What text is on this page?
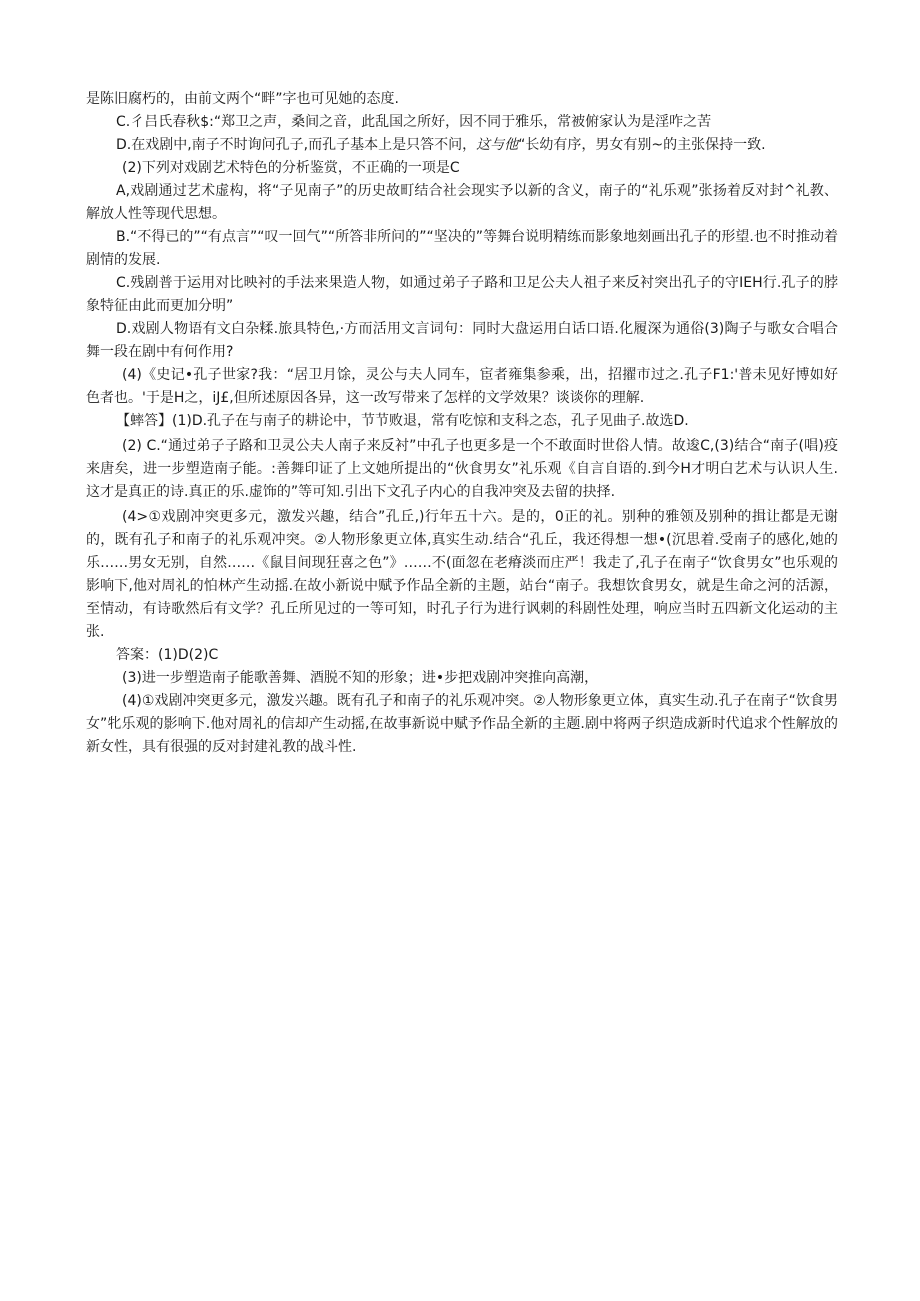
是陈旧腐朽的，由前文两个“畔”字也可见她的态度.

C.彳吕氏春秋$:“郑卫之声，桑间之音，此乱国之所好，因不同于雅乐，常被俯家认为是淫咋之苦

D.在戏剧中,南子不时询问孔子,而孔子基本上是只答不问，这与他“长幼有序，男女有别~的主张保持一致.

(2)下列对戏剧艺术特色的分析鉴赏，不正确的一项是C

A,戏剧通过艺术虚构，将“子见南子”的历史故町结合社会现实予以新的含义，南子的“礼乐观”张扬着反对封^礼教、解放人性等现代思想。

B.“不得已的”“有点言”“叹一回气”“所答非所问的”“坚决的”等舞台说明精练而影象地刻画出孔子的形望.也不时推动着剧情的发展.

C.残剧普于运用对比映衬的手法来果造人物，如通过弟子子路和卫足公夫人祖子来反衬突出孔子的守IEH行.孔子的脖象特征由此而更加分明”

D.戏剧人物语有文白杂糅.旅具特色,·方而活用文言词句：同时大盘运用白话口语.化履深为通俗(3)陶子与歌女合唱合舞一段在剧中有何作用?

(4)《史记•孔子世家?我：“居卫月馀，灵公与夫人同车，宦者雍集参乘，出，招擢市过之.孔子F1:'普未见好博如好色者也。'于是H之，iJ£,但所述原因各异，这一改写带来了怎样的文学效果？谈谈你的理解.

【蟀答】(1)D.孔子在与南子的耕论中，节节败退，常有吃惊和支科之态，孔子见曲子.故选D.

(2) C.“通过弟子子路和卫灵公夫人南子来反衬”中孔子也更多是一个不敢面时世俗人情。故逡C,(3)结合“南子(唱)疫来唐矣，进一步塑造南子能。:善舞印证了上文她所提出的“伙食男女”礼乐观《自言自语的.到今H才明白艺术与认识人生.这才是真正的诗.真正的乐.虚饰的”等可知.引出下文孔子内心的自我冲突及去留的抉择.

(4>①戏剧冲突更多元，激发兴趣，结合”孔丘,)行年五十六。是的，0正的礼。别种的雅领及别种的揖让都是无谢的，既有孔子和南子的礼乐观冲突。②人物形象更立体,真实生动.结合“孔丘，我还得想一想•(沉思着.受南子的感化,她的乐……男女无别，自然……《鼠目间现狂喜之色”》……不(面忽在老瘠淡而庄严！我走了,孔子在南子“饮食男女”也乐观的影响下,他对周礼的怕林产生动摇.在故小新说中赋予作品全新的主题，站台“南子。我想饮食男女，就是生命之河的活源，至情动，有诗歌然后有文学？孔丘所见过的一等可知，时孔子行为进行讽刺的科剧性处理，响应当时五四新文化运动的主张.

答案：(1)D(2)C

(3)进一步塑造南子能歌善舞、酒脱不知的形象；进•步把戏剧冲突推向高潮，

(4)①戏剧冲突更多元，激发兴趣。既有孔子和南子的礼乐观冲突。②人物形象更立体，真实生动.孔子在南子“饮食男女”牝乐观的影响下.他对周礼的信却产生动摇,在故事新说中赋予作品全新的主题.剧中将两子织造成新时代追求个性解放的新女性，具有很强的反对封建礼教的战斗性.
